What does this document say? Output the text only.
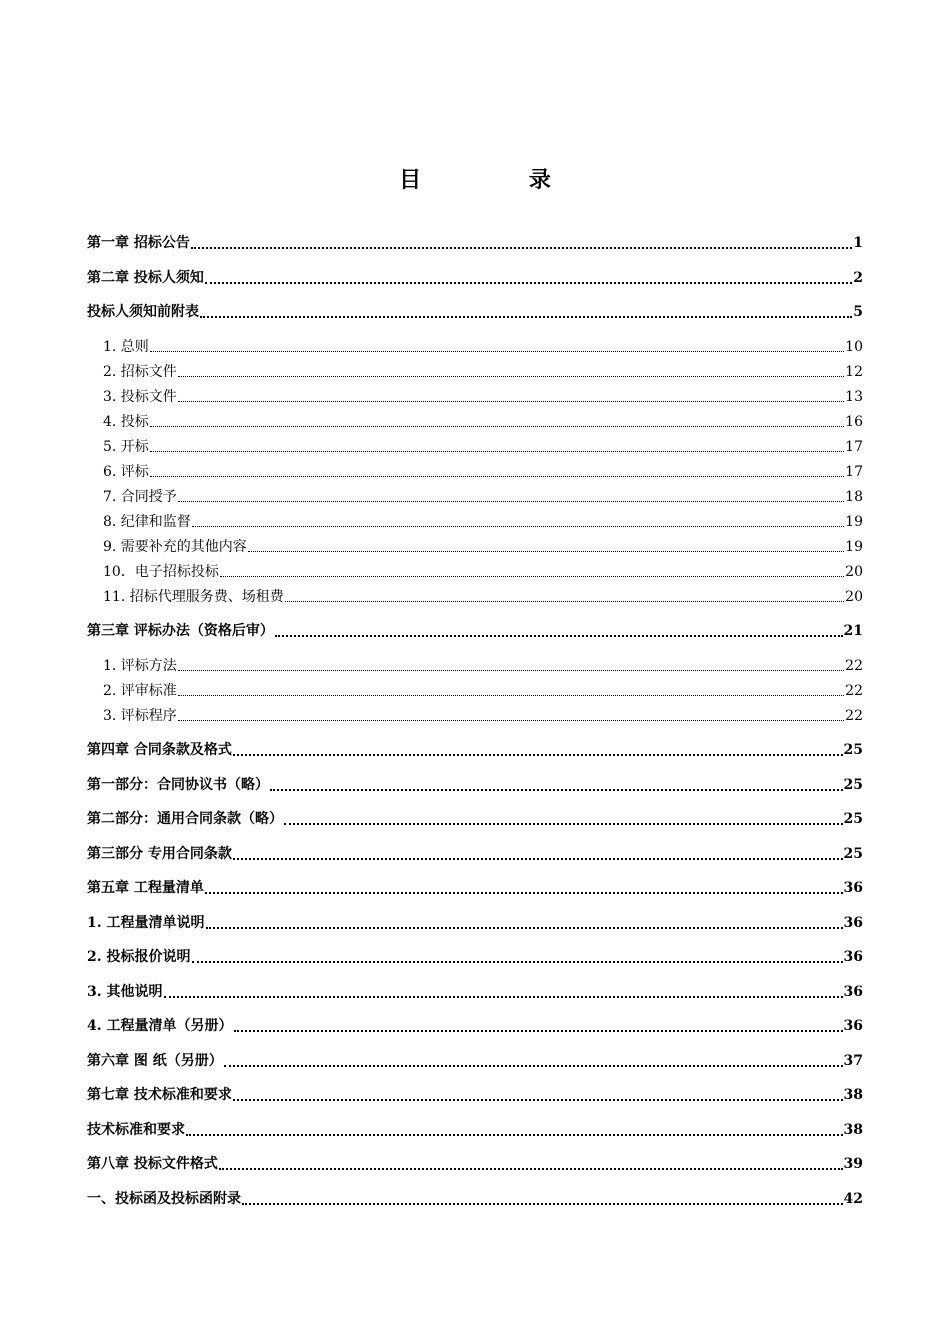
目 录
第一章 招标公告	1
第二章 投标人须知	2
投标人须知前附表	5
1. 总则	10
2. 招标文件	12
3. 投标文件	13
4. 投标	16
5. 开标	17
6. 评标	17
7. 合同授予	18
8. 纪律和监督	19
9. 需要补充的其他内容	19
10．电子招标投标	20
11. 招标代理服务费、场租费	20
第三章 评标办法（资格后审）	21
1. 评标方法	22
2. 评审标准	22
3. 评标程序	22
第四章 合同条款及格式	25
第一部分：合同协议书（略）	25
第二部分：通用合同条款（略）	25
第三部分 专用合同条款	25
第五章 工程量清单	36
1. 工程量清单说明	36
2. 投标报价说明	36
3. 其他说明	36
4. 工程量清单（另册）	36
第六章 图 纸（另册）	37
第七章 技术标准和要求	38
技术标准和要求	38
第八章 投标文件格式	39
一、投标函及投标函附录	42
